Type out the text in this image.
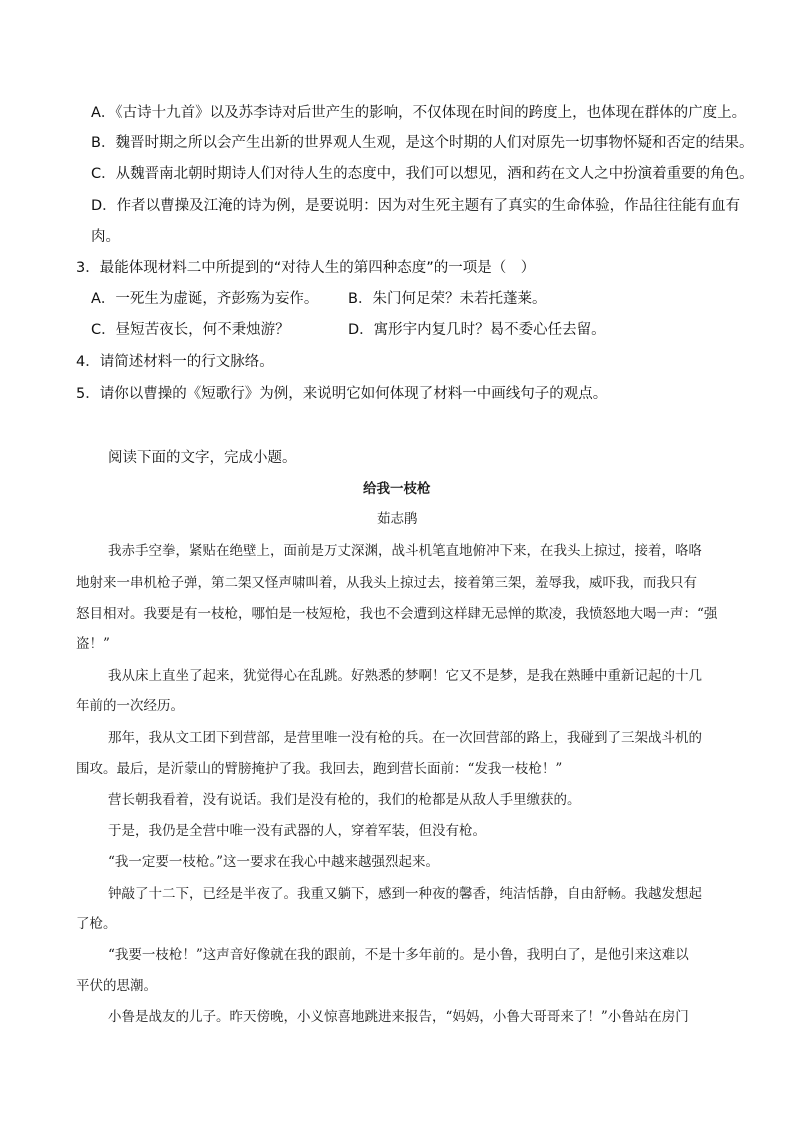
A．《古诗十九首》以及苏李诗对后世产生的影响，不仅体现在时间的跨度上，也体现在群体的广度上。
B．魏晋时期之所以会产生出新的世界观人生观，是这个时期的人们对原先一切事物怀疑和否定的结果。
C．从魏晋南北朝时期诗人们对待人生的态度中，我们可以想见，酒和药在文人之中扮演着重要的角色。
D．作者以曹操及江淹的诗为例，是要说明：因为对生死主题有了真实的生命体验，作品往往能有血有
肉。
3．最能体现材料二中所提到的“对待人生的第四种态度”的一项是（　）
A．一死生为虚诞，齐彭殇为妄作。 B．朱门何足荣？未若托蓬莱。
C．昼短苦夜长，何不秉烛游？	D．寓形宇内复几时？曷不委心任去留。
4．请简述材料一的行文脉络。
5．请你以曹操的《短歌行》为例，来说明它如何体现了材料一中画线句子的观点。
阅读下面的文字，完成小题。
给我一枝枪
茹志鹃
我赤手空拳，紧贴在绝壁上，面前是万丈深渊，战斗机笔直地俯冲下来，在我头上掠过，接着，咯咯
地射来一串机枪子弹，第二架又怪声啸叫着，从我头上掠过去，接着第三架，羞辱我，威吓我，而我只有
怒目相对。我要是有一枝枪，哪怕是一枝短枪，我也不会遭到这样肆无忌惮的欺凌，我愤怒地大喝一声：“强
盗！”
我从床上直坐了起来，犹觉得心在乱跳。好熟悉的梦啊！它又不是梦，是我在熟睡中重新记起的十几
年前的一次经历。
那年，我从文工团下到营部，是营里唯一没有枪的兵。在一次回营部的路上，我碰到了三架战斗机的
围攻。最后，是沂蒙山的臂膀掩护了我。我回去，跑到营长面前：“发我一枝枪！”
营长朝我看着，没有说话。我们是没有枪的，我们的枪都是从敌人手里缴获的。
于是，我仍是全营中唯一没有武器的人，穿着军装，但没有枪。
“我一定要一枝枪。”这一要求在我心中越来越强烈起来。
钟敲了十二下，已经是半夜了。我重又躺下，感到一种夜的馨香，纯洁恬静，自由舒畅。我越发想起
了枪。
“我要一枝枪！”这声音好像就在我的跟前，不是十多年前的。是小鲁，我明白了，是他引来这难以
平伏的思潮。
小鲁是战友的儿子。昨天傍晚，小义惊喜地跳进来报告，“妈妈，小鲁大哥哥来了！”小鲁站在房门
